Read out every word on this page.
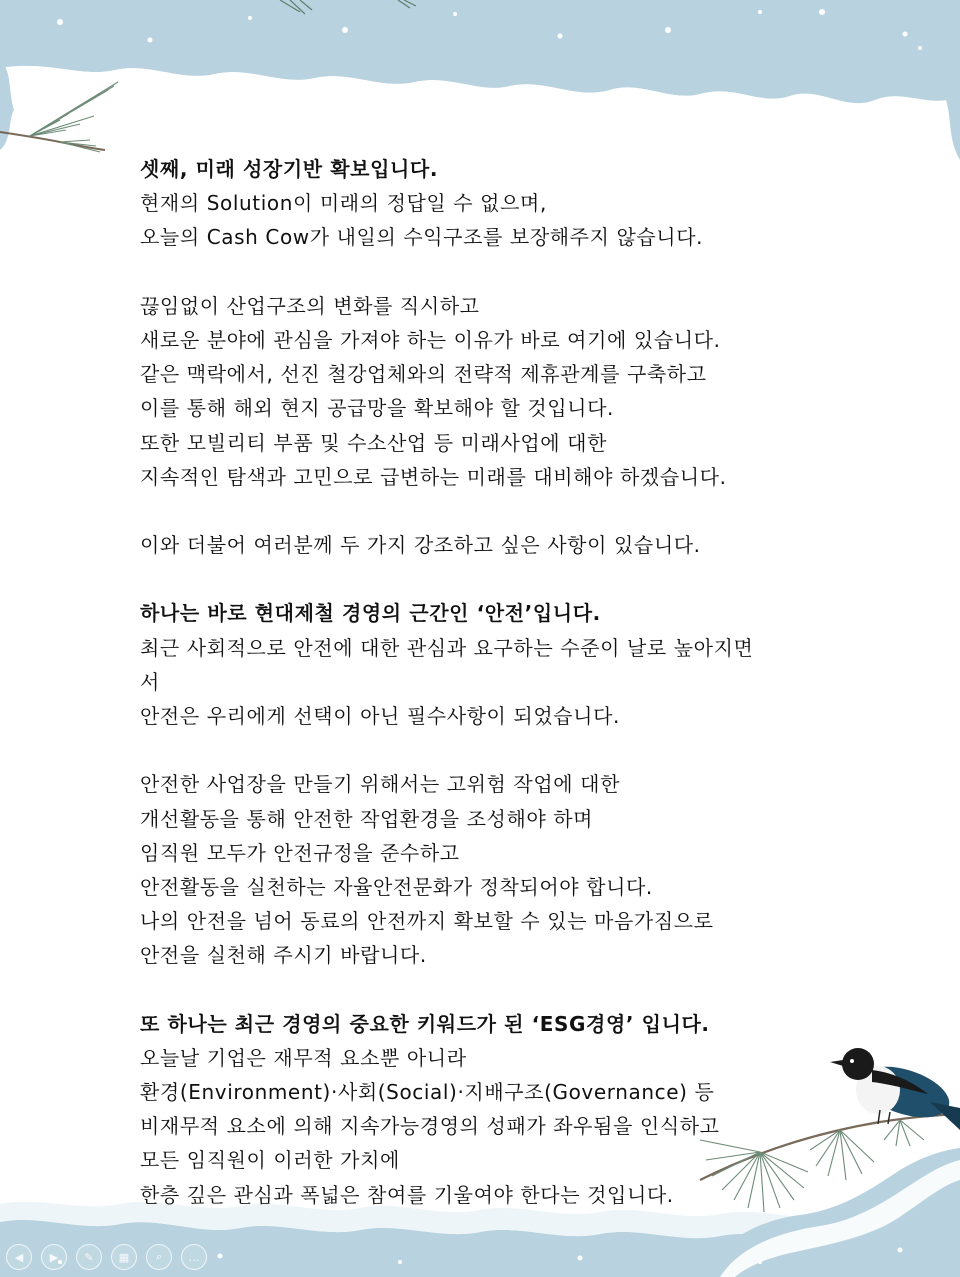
셋째, 미래 성장기반 확보입니다.
현재의 Solution이 미래의 정답일 수 없으며,
오늘의 Cash Cow가 내일의 수익구조를 보장해주지 않습니다.
끊임없이 산업구조의 변화를 직시하고
새로운 분야에 관심을 가져야 하는 이유가 바로 여기에 있습니다.
같은 맥락에서, 선진 철강업체와의 전략적 제휴관계를 구축하고
이를 통해 해외 현지 공급망을 확보해야 할 것입니다.
또한 모빌리티 부품 및 수소산업 등 미래사업에 대한
지속적인 탐색과 고민으로 급변하는 미래를 대비해야 하겠습니다.
이와 더불어 여러분께 두 가지 강조하고 싶은 사항이 있습니다.
하나는 바로 현대제철 경영의 근간인 ‘안전’입니다.
최근 사회적으로 안전에 대한 관심과 요구하는 수준이 날로 높아지면
서
안전은 우리에게 선택이 아닌 필수사항이 되었습니다.
안전한 사업장을 만들기 위해서는 고위험 작업에 대한
개선활동을 통해 안전한 작업환경을 조성해야 하며
임직원 모두가 안전규정을 준수하고
안전활동을 실천하는 자율안전문화가 정착되어야 합니다.
나의 안전을 넘어 동료의 안전까지 확보할 수 있는 마음가짐으로
안전을 실천해 주시기 바랍니다.
또 하나는 최근 경영의 중요한 키워드가 된 ‘ESG경영’ 입니다.
오늘날 기업은 재무적 요소뿐 아니라
환경(Environment)·사회(Social)·지배구조(Governance) 등
비재무적 요소에 의해 지속가능경영의 성패가 좌우됨을 인식하고
모든 임직원이 이러한 가치에
한층 깊은 관심과 폭넓은 참여를 기울여야 한다는 것입니다.
◀ ▶ ✎ ▦ ⌕ …
